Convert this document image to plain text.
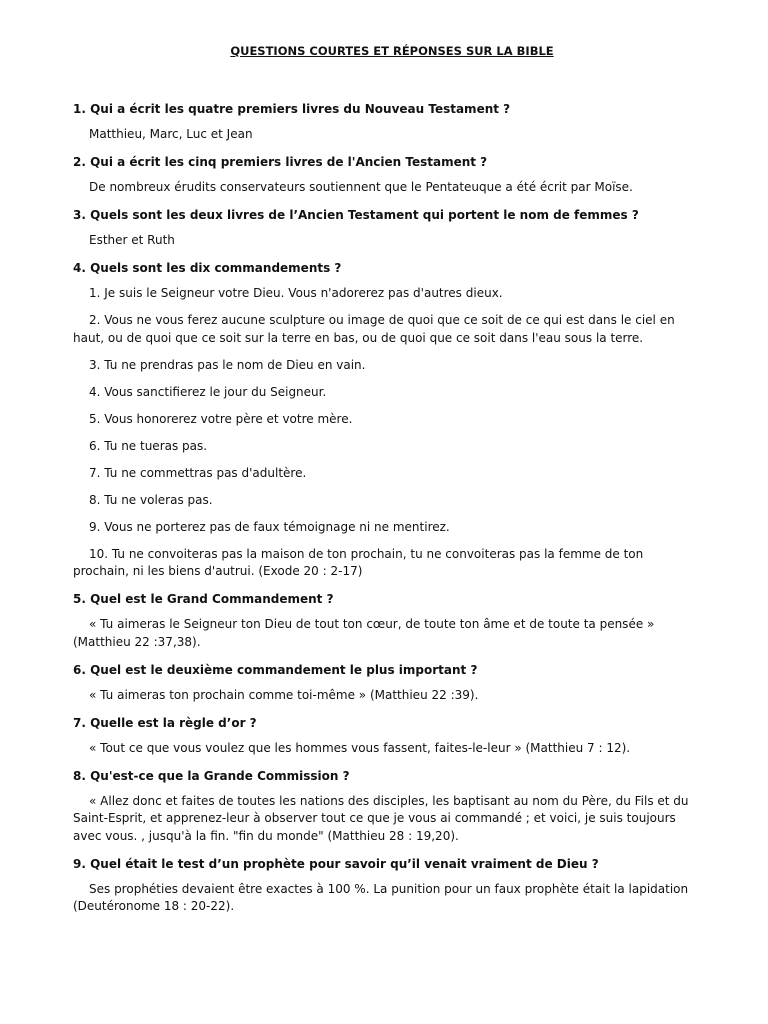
QUESTIONS COURTES ET RÉPONSES SUR LA BIBLE
1. Qui a écrit les quatre premiers livres du Nouveau Testament ?
Matthieu, Marc, Luc et Jean
2. Qui a écrit les cinq premiers livres de l'Ancien Testament ?
De nombreux érudits conservateurs soutiennent que le Pentateuque a été écrit par Moïse.
3. Quels sont les deux livres de l’Ancien Testament qui portent le nom de femmes ?
Esther et Ruth
4. Quels sont les dix commandements ?
1. Je suis le Seigneur votre Dieu. Vous n'adorerez pas d'autres dieux.
2. Vous ne vous ferez aucune sculpture ou image de quoi que ce soit de ce qui est dans le ciel en haut, ou de quoi que ce soit sur la terre en bas, ou de quoi que ce soit dans l'eau sous la terre.
3. Tu ne prendras pas le nom de Dieu en vain.
4. Vous sanctifierez le jour du Seigneur.
5. Vous honorerez votre père et votre mère.
6. Tu ne tueras pas.
7. Tu ne commettras pas d'adultère.
8. Tu ne voleras pas.
9. Vous ne porterez pas de faux témoignage ni ne mentirez.
10. Tu ne convoiteras pas la maison de ton prochain, tu ne convoiteras pas la femme de ton prochain, ni les biens d'autrui. (Exode 20 : 2-17)
5. Quel est le Grand Commandement ?
« Tu aimeras le Seigneur ton Dieu de tout ton cœur, de toute ton âme et de toute ta pensée » (Matthieu 22 :37,38).
6. Quel est le deuxième commandement le plus important ?
« Tu aimeras ton prochain comme toi-même » (Matthieu 22 :39).
7. Quelle est la règle d’or ?
« Tout ce que vous voulez que les hommes vous fassent, faites-le-leur » (Matthieu 7 : 12).
8. Qu'est-ce que la Grande Commission ?
« Allez donc et faites de toutes les nations des disciples, les baptisant au nom du Père, du Fils et du Saint-Esprit, et apprenez-leur à observer tout ce que je vous ai commandé ; et voici, je suis toujours avec vous. , jusqu'à la fin. "fin du monde" (Matthieu 28 : 19,20).
9. Quel était le test d’un prophète pour savoir qu’il venait vraiment de Dieu ?
Ses prophéties devaient être exactes à 100 %. La punition pour un faux prophète était la lapidation (Deutéronome 18 : 20-22).
